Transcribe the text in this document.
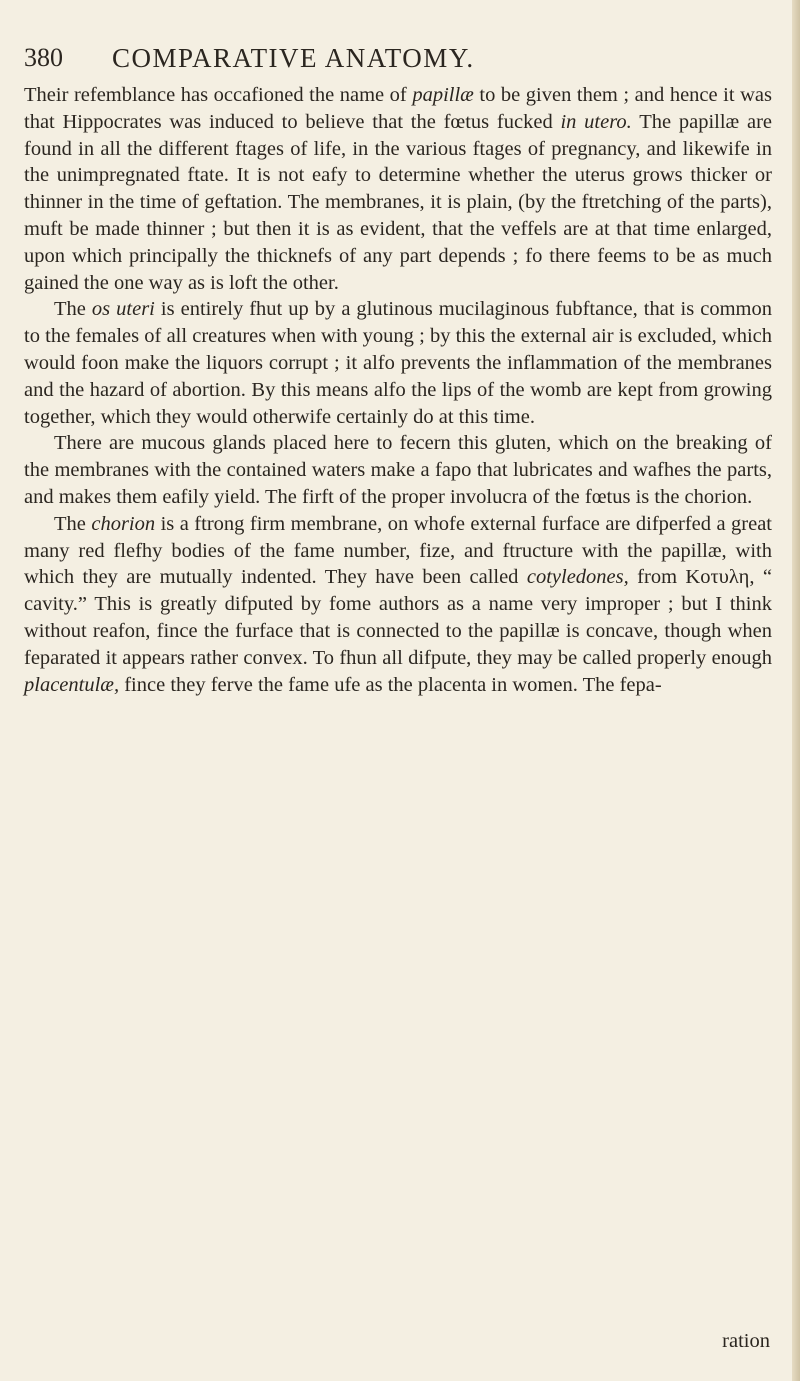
380 COMPARATIVE ANATOMY.

Their refemblance has occafioned the name of papillæ to be given them ; and hence it was that Hippocrates was induced to believe that the fœtus fucked in utero. The papillæ are found in all the different ftages of life, in the various ftages of pregnancy, and likewife in the unimpregnated ftate. It is not eafy to determine whether the uterus grows thicker or thinner in the time of geftation. The membranes, it is plain, (by the ftretching of the parts), muft be made thinner ; but then it is as evident, that the veffels are at that time enlarged, upon which principally the thicknefs of any part depends ; fo there feems to be as much gained the one way as is loft the other.

The os uteri is entirely fhut up by a glutinous mucilaginous fubftance, that is common to the females of all creatures when with young ; by this the external air is excluded, which would foon make the liquors corrupt ; it alfo prevents the inflammation of the membranes and the hazard of abortion. By this means alfo the lips of the womb are kept from growing together, which they would otherwife certainly do at this time.

There are mucous glands placed here to fecern this gluten, which on the breaking of the membranes with the contained waters make a fapo that lubricates and wafhes the parts, and makes them eafily yield. The firft of the proper involucra of the fœtus is the chorion.

The chorion is a ftrong firm membrane, on whofe external furface are difperfed a great many red flefhy bodies of the fame number, fize, and ftructure with the papillæ, with which they are mutually indented. They have been called cotyledones, from Κοτυλη, “ cavity.” This is greatly difputed by fome authors as a name very improper ; but I think without reafon, fince the furface that is connected to the papillæ is concave, though when feparated it appears rather convex. To fhun all difpute, they may be called properly enough placentulæ, fince they ferve the fame ufe as the placenta in women. The fepa-

ration
